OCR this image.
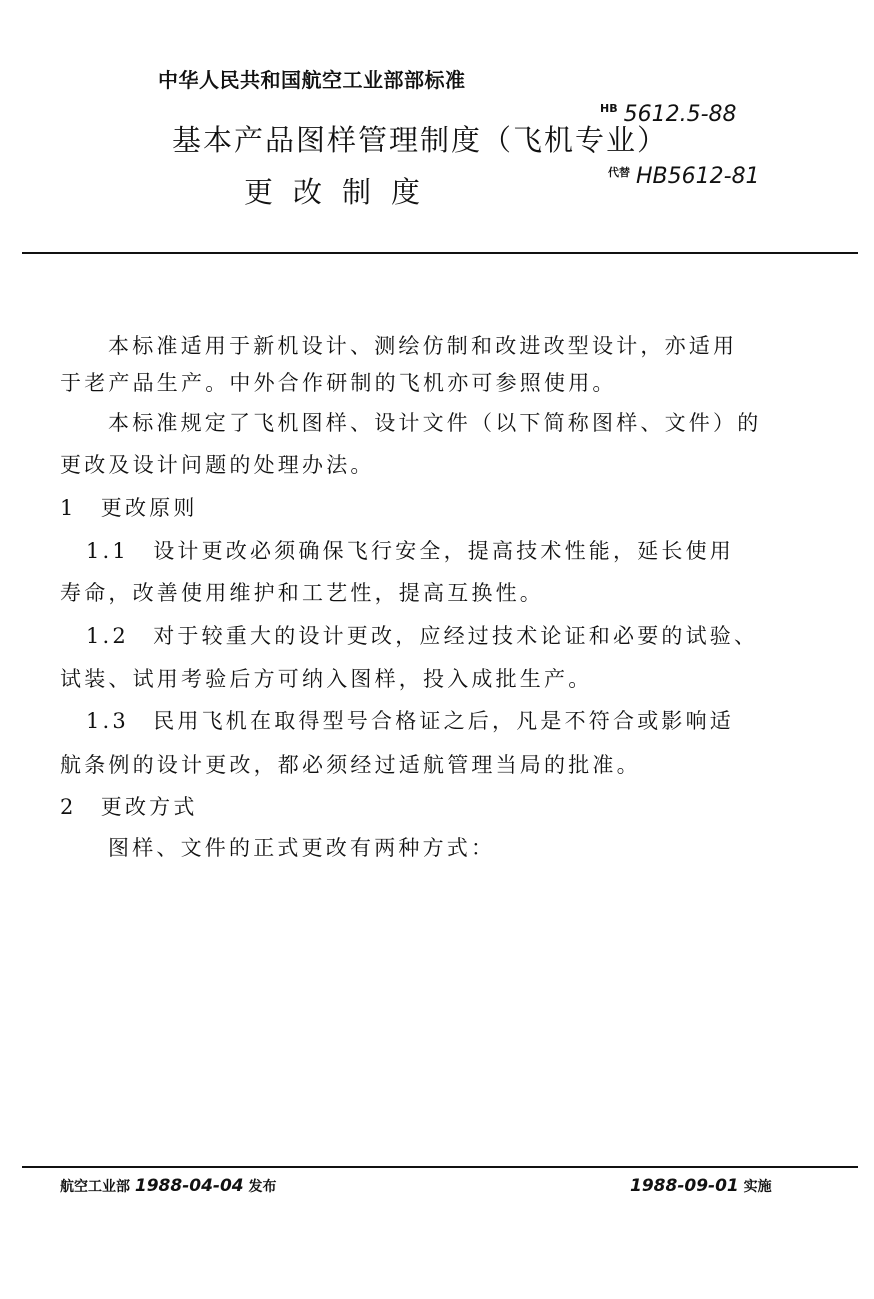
中华人民共和国航空工业部部标准
基本产品图样管理制度（飞机专业）
更改制度
$^{HB}$ 5612.5-88
$^{代替}$ HB5612-81
本标准适用于新机设计、测绘仿制和改进改型设计，亦适用
于老产品生产。中外合作研制的飞机亦可参照使用。
本标准规定了飞机图样、设计文件（以下简称图样、文件）的
更改及设计问题的处理办法。
1　更改原则
1.1　设计更改必须确保飞行安全，提高技术性能，延长使用
寿命，改善使用维护和工艺性，提高互换性。
1.2　对于较重大的设计更改，应经过技术论证和必要的试验、
试装、试用考验后方可纳入图样，投入成批生产。
1.3　民用飞机在取得型号合格证之后，凡是不符合或影响适
航条例的设计更改，都必须经过适航管理当局的批准。
2　更改方式
图样、文件的正式更改有两种方式：
航空工业部 1988-04-04 发布	1988-09-01 实施
